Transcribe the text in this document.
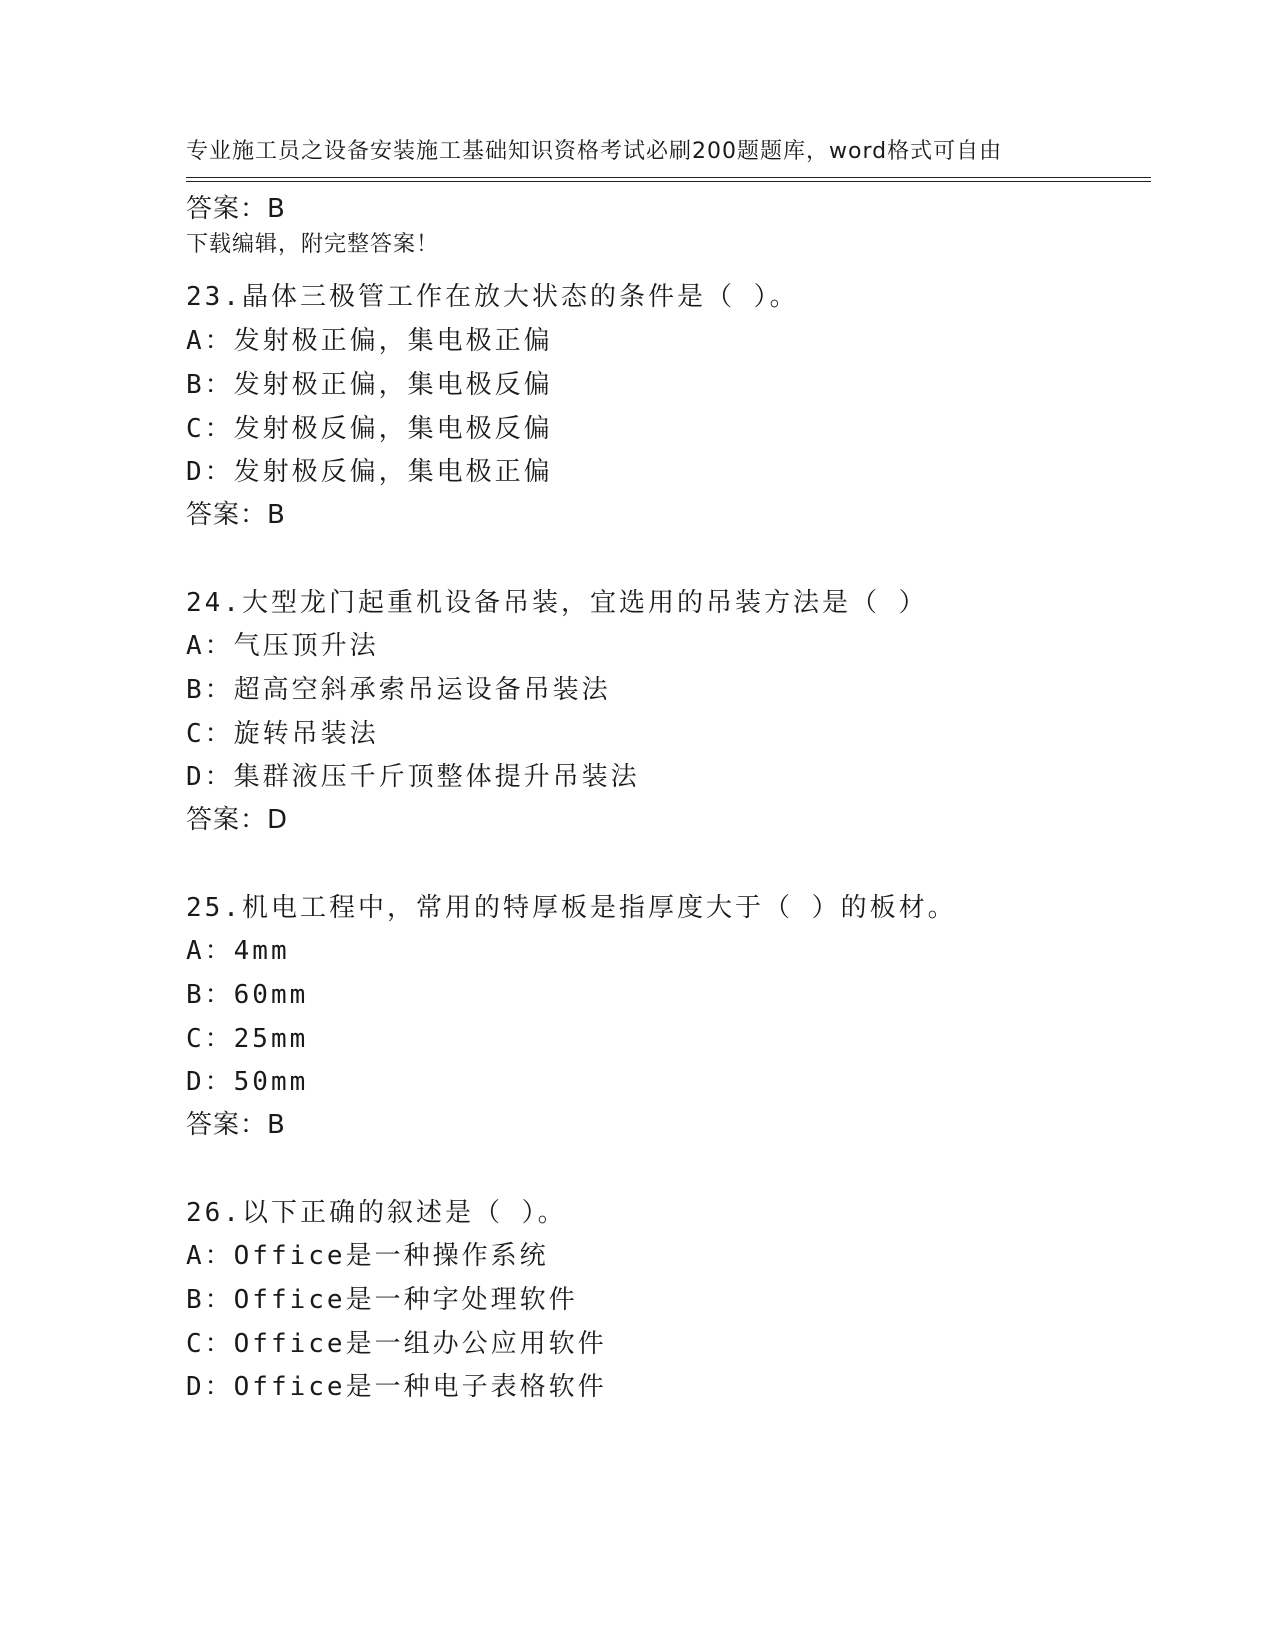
专业施工员之设备安装施工基础知识资格考试必刷200题题库，word格式可自由

下载编辑，附完整答案！

答案：B
23.晶体三极管工作在放大状态的条件是（ ）。
A：发射极正偏，集电极正偏
B：发射极正偏，集电极反偏
C：发射极反偏，集电极反偏
D：发射极反偏，集电极正偏
答案：B
24.大型龙门起重机设备吊装，宜选用的吊装方法是（ ）
A：气压顶升法
B：超高空斜承索吊运设备吊装法
C：旋转吊装法
D：集群液压千斤顶整体提升吊装法
答案：D
25.机电工程中，常用的特厚板是指厚度大于（ ）的板材。
A：4mm
B：60mm
C：25mm
D：50mm
答案：B
26.以下正确的叙述是（ ）。
A：Office是一种操作系统
B：Office是一种字处理软件
C：Office是一组办公应用软件
D：Office是一种电子表格软件
